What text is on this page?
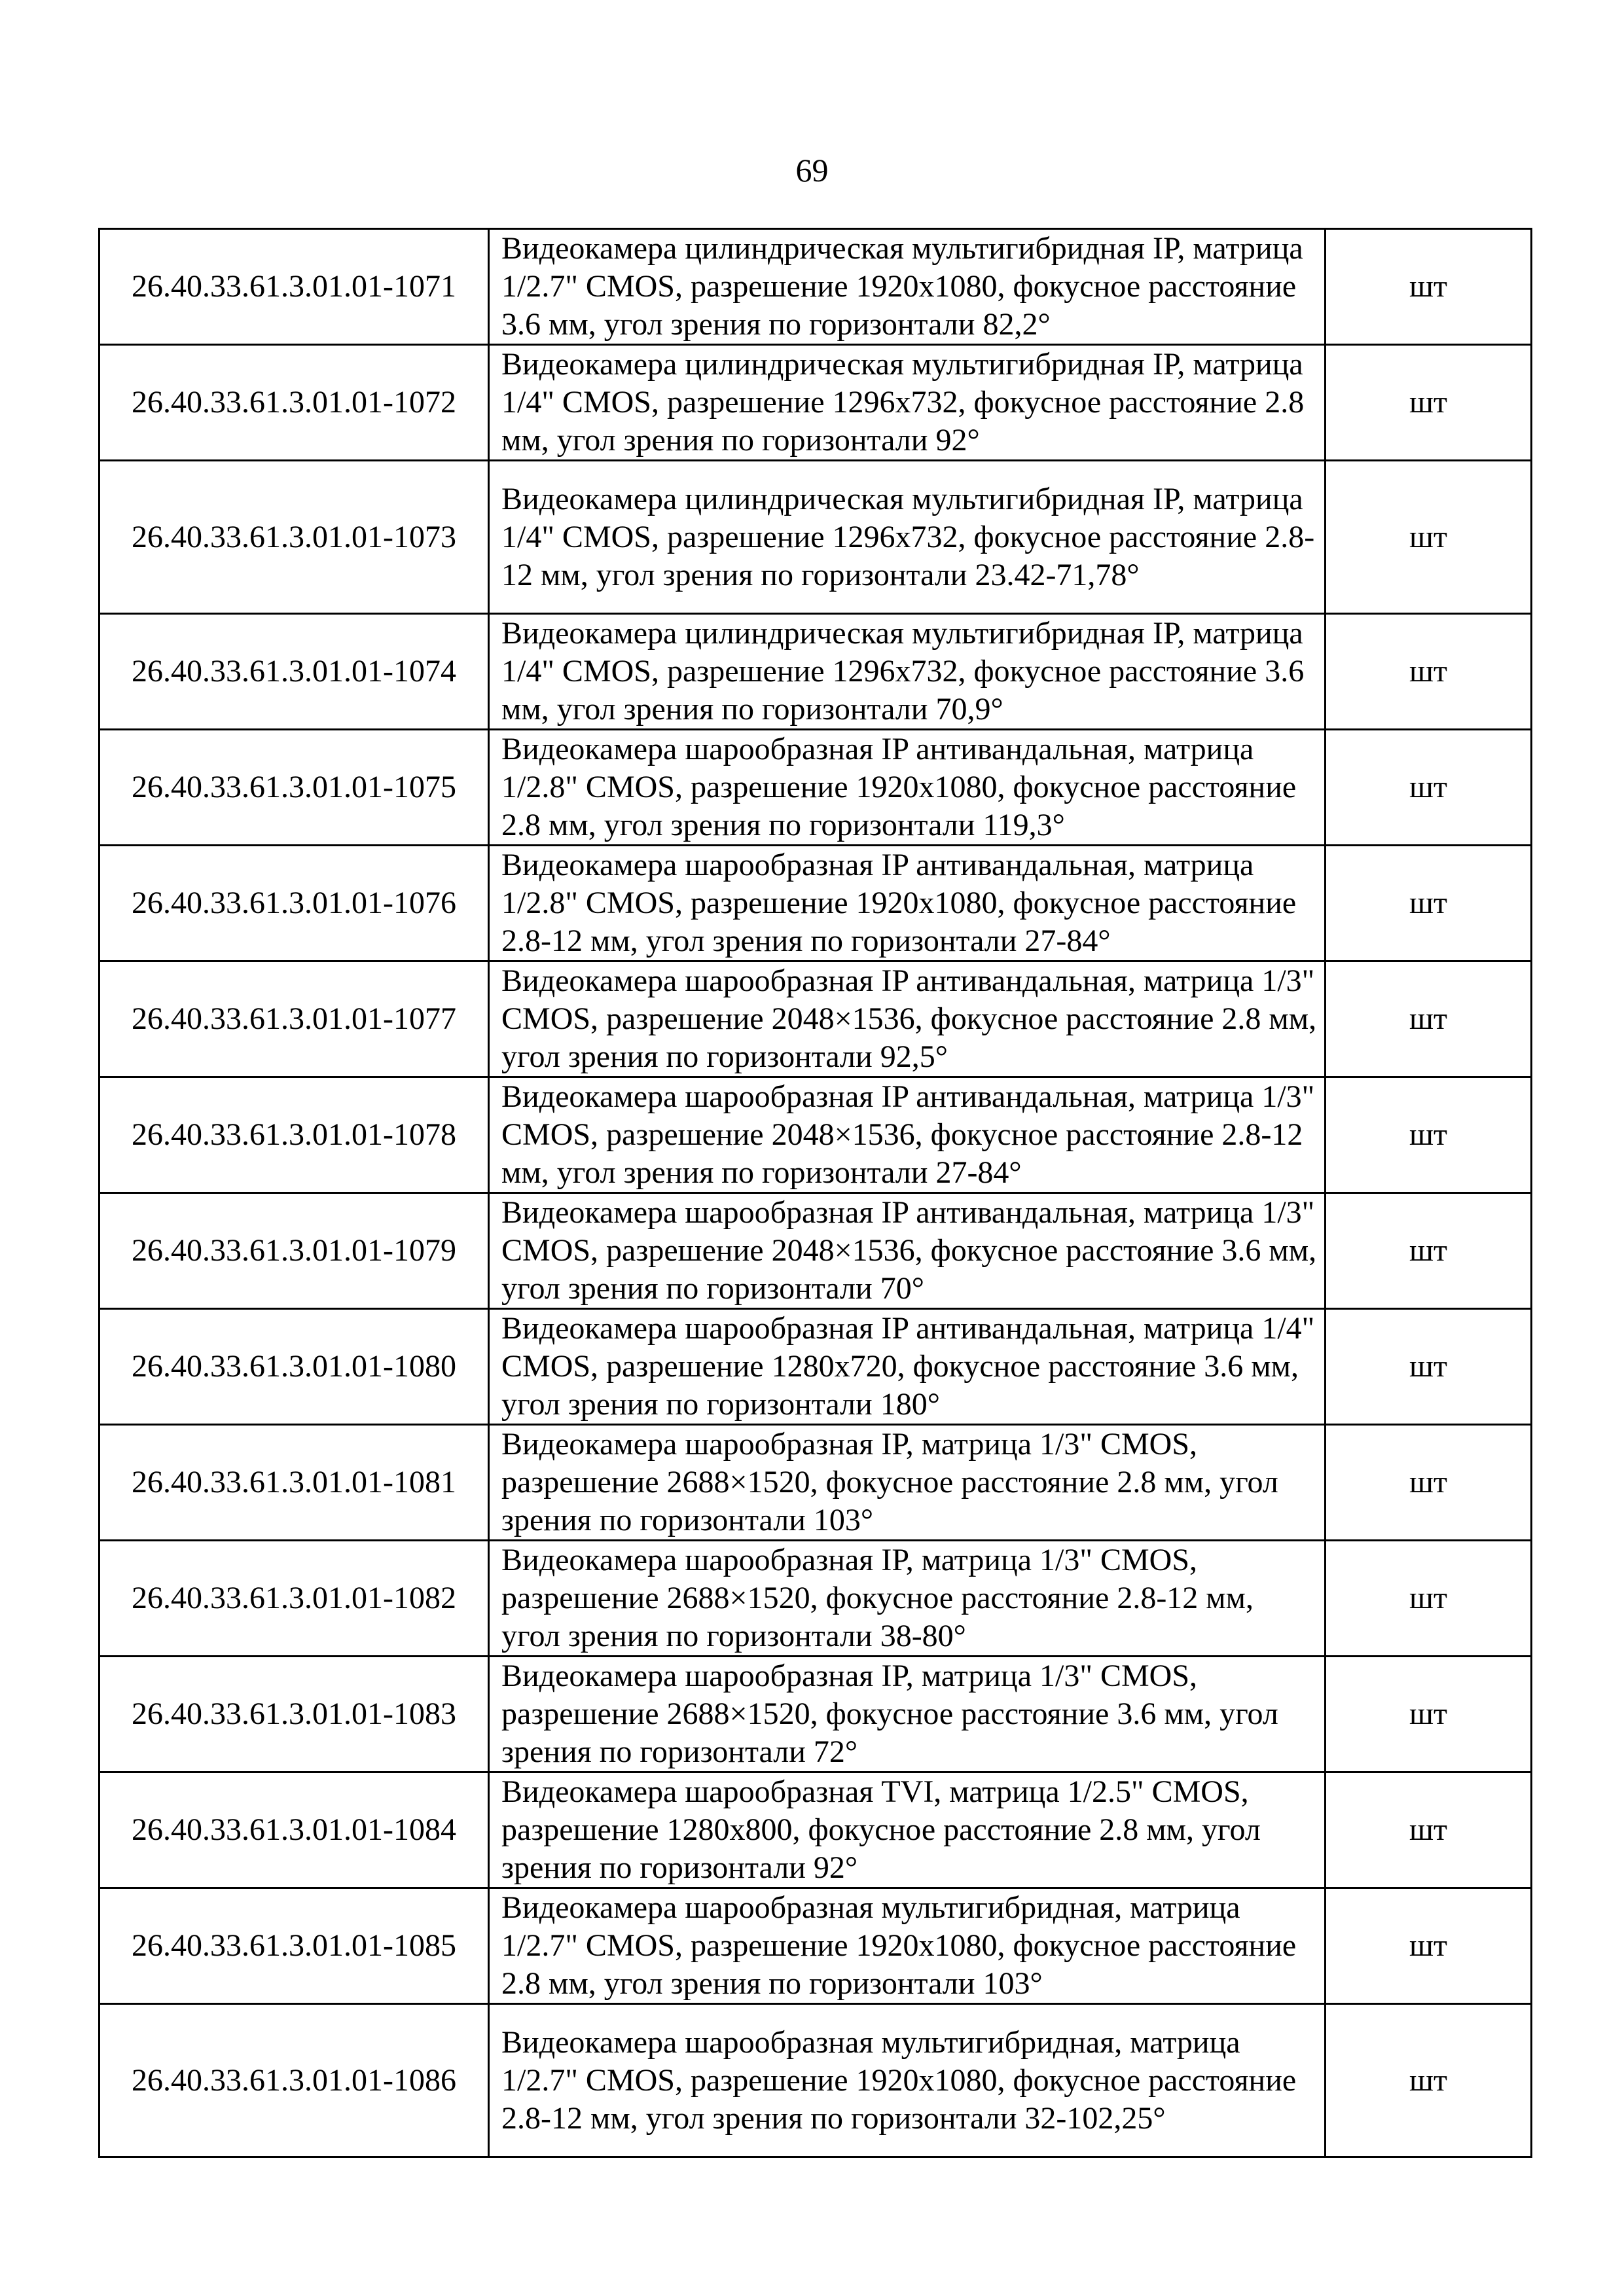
69
26.40.33.61.3.01.01-1071	Видеокамера цилиндрическая мультигибридная IP, матрица 1/2.7" CMOS, разрешение 1920x1080, фокусное расстояние 3.6 мм, угол зрения по горизонтали 82,2°	шт
26.40.33.61.3.01.01-1072	Видеокамера цилиндрическая мультигибридная IP, матрица 1/4" CMOS, разрешение 1296x732, фокусное расстояние 2.8 мм, угол зрения по горизонтали 92°	шт
26.40.33.61.3.01.01-1073	Видеокамера цилиндрическая мультигибридная IP, матрица 1/4" CMOS, разрешение 1296x732, фокусное расстояние 2.8-12 мм, угол зрения по горизонтали 23.42-71,78°	шт
26.40.33.61.3.01.01-1074	Видеокамера цилиндрическая мультигибридная IP, матрица 1/4" CMOS, разрешение 1296x732, фокусное расстояние 3.6 мм, угол зрения по горизонтали 70,9°	шт
26.40.33.61.3.01.01-1075	Видеокамера шарообразная IP антивандальная, матрица 1/2.8" CMOS, разрешение 1920x1080, фокусное расстояние 2.8 мм, угол зрения по горизонтали 119,3°	шт
26.40.33.61.3.01.01-1076	Видеокамера шарообразная IP антивандальная, матрица 1/2.8" CMOS, разрешение 1920x1080, фокусное расстояние 2.8-12 мм, угол зрения по горизонтали 27-84°	шт
26.40.33.61.3.01.01-1077	Видеокамера шарообразная IP антивандальная, матрица 1/3" CMOS, разрешение 2048×1536, фокусное расстояние 2.8 мм, угол зрения по горизонтали 92,5°	шт
26.40.33.61.3.01.01-1078	Видеокамера шарообразная IP антивандальная, матрица 1/3" CMOS, разрешение 2048×1536, фокусное расстояние 2.8-12 мм, угол зрения по горизонтали 27-84°	шт
26.40.33.61.3.01.01-1079	Видеокамера шарообразная IP антивандальная, матрица 1/3" CMOS, разрешение 2048×1536, фокусное расстояние 3.6 мм, угол зрения по горизонтали 70°	шт
26.40.33.61.3.01.01-1080	Видеокамера шарообразная IP антивандальная, матрица 1/4" CMOS, разрешение 1280x720, фокусное расстояние 3.6 мм, угол зрения по горизонтали 180°	шт
26.40.33.61.3.01.01-1081	Видеокамера шарообразная IP, матрица 1/3" CMOS, разрешение 2688×1520, фокусное расстояние 2.8 мм, угол зрения по горизонтали 103°	шт
26.40.33.61.3.01.01-1082	Видеокамера шарообразная IP, матрица 1/3" CMOS, разрешение 2688×1520, фокусное расстояние 2.8-12 мм, угол зрения по горизонтали 38-80°	шт
26.40.33.61.3.01.01-1083	Видеокамера шарообразная IP, матрица 1/3" CMOS, разрешение 2688×1520, фокусное расстояние 3.6 мм, угол зрения по горизонтали 72°	шт
26.40.33.61.3.01.01-1084	Видеокамера шарообразная TVI, матрица 1/2.5" CMOS, разрешение 1280x800, фокусное расстояние 2.8 мм, угол зрения по горизонтали 92°	шт
26.40.33.61.3.01.01-1085	Видеокамера шарообразная мультигибридная, матрица 1/2.7" CMOS, разрешение 1920x1080, фокусное расстояние 2.8 мм, угол зрения по горизонтали 103°	шт
26.40.33.61.3.01.01-1086	Видеокамера шарообразная мультигибридная, матрица 1/2.7" CMOS, разрешение 1920x1080, фокусное расстояние 2.8-12 мм, угол зрения по горизонтали 32-102,25°	шт
